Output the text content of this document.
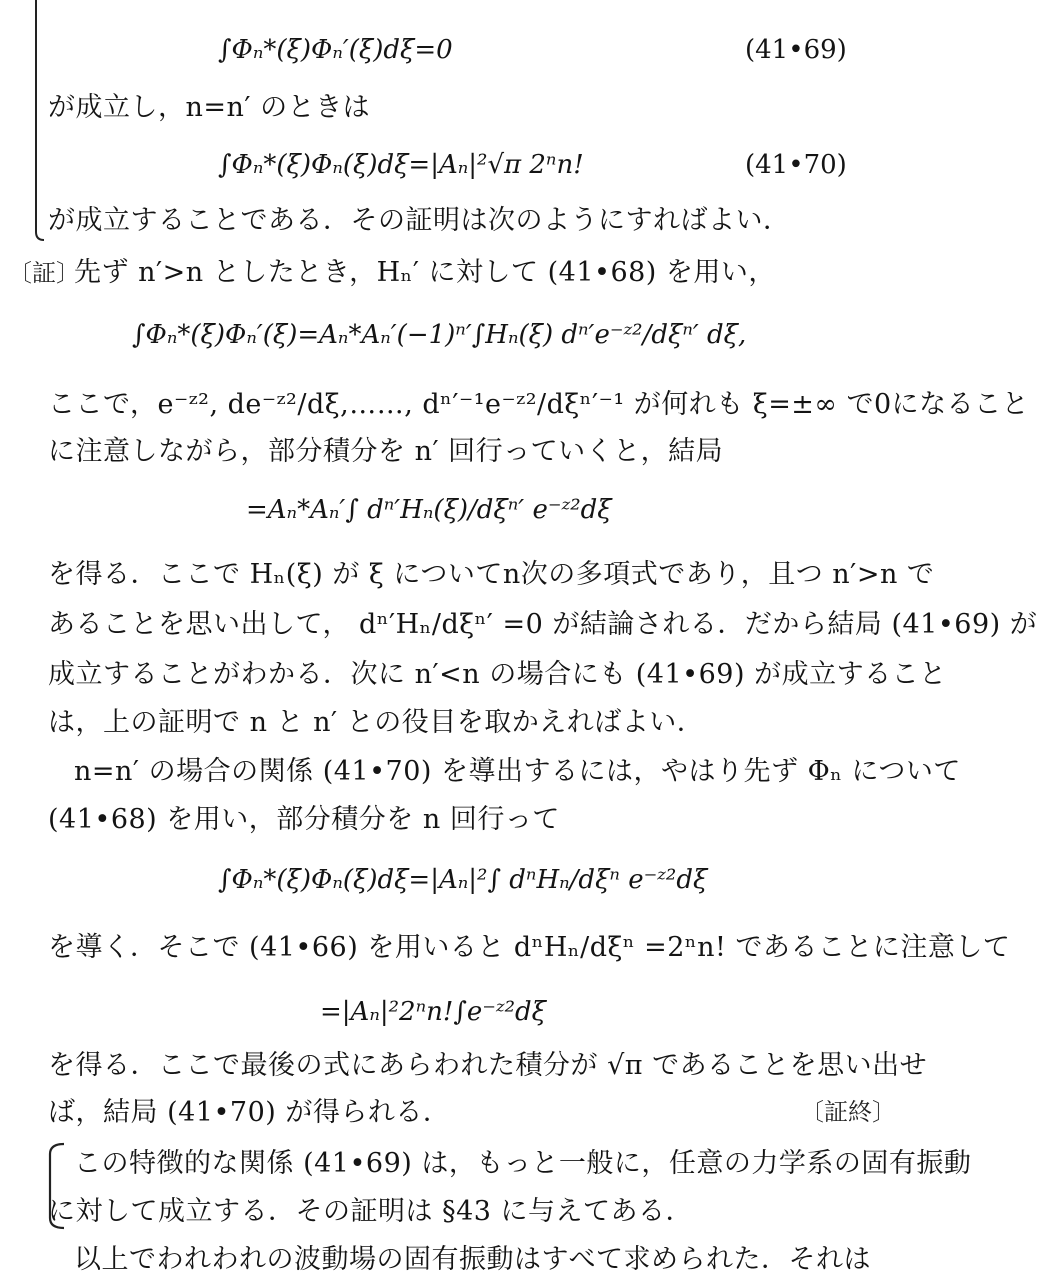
∫Φₙ*(ξ)Φₙ′(ξ)dξ=0	(41•69)
が成立し，n=n′ のときは
∫Φₙ*(ξ)Φₙ(ξ)dξ=|Aₙ|²√π 2ⁿn!	(41•70)
が成立することである．その証明は次のようにすればよい．
〔証〕
先ず n′>n としたとき，Hₙ′ に対して (41•68) を用い，
∫Φₙ*(ξ)Φₙ′(ξ)=Aₙ*Aₙ′(−1)ⁿ′∫Hₙ(ξ) dⁿ′e⁻ᶻ²/dξⁿ′ dξ,
ここで，e⁻ᶻ², de⁻ᶻ²/dξ,……, dⁿ′⁻¹e⁻ᶻ²/dξⁿ′⁻¹ が何れも ξ=±∞ で0になること
に注意しながら，部分積分を n′ 回行っていくと，結局
=Aₙ*Aₙ′∫ dⁿ′Hₙ(ξ)/dξⁿ′ e⁻ᶻ²dξ
を得る．ここで Hₙ(ξ) が ξ についてn次の多項式であり，且つ n′>n で
あることを思い出して， dⁿ′Hₙ/dξⁿ′ =0 が結論される．だから結局 (41•69) が
成立することがわかる．次に n′<n の場合にも (41•69) が成立すること
は，上の証明で n と n′ との役目を取かえればよい．
n=n′ の場合の関係 (41•70) を導出するには，やはり先ず Φₙ について
(41•68) を用い，部分積分を n 回行って
∫Φₙ*(ξ)Φₙ(ξ)dξ=|Aₙ|²∫ dⁿHₙ/dξⁿ e⁻ᶻ²dξ
を導く．そこで (41•66) を用いると dⁿHₙ/dξⁿ =2ⁿn! であることに注意して
=|Aₙ|²2ⁿn!∫e⁻ᶻ²dξ
を得る．ここで最後の式にあらわれた積分が √π であることを思い出せ
ば，結局 (41•70) が得られる．	〔証終〕
この特徴的な関係 (41•69) は，もっと一般に，任意の力学系の固有振動
に対して成立する．その証明は §43 に与えてある．
以上でわれわれの波動場の固有振動はすべて求められた．それは
